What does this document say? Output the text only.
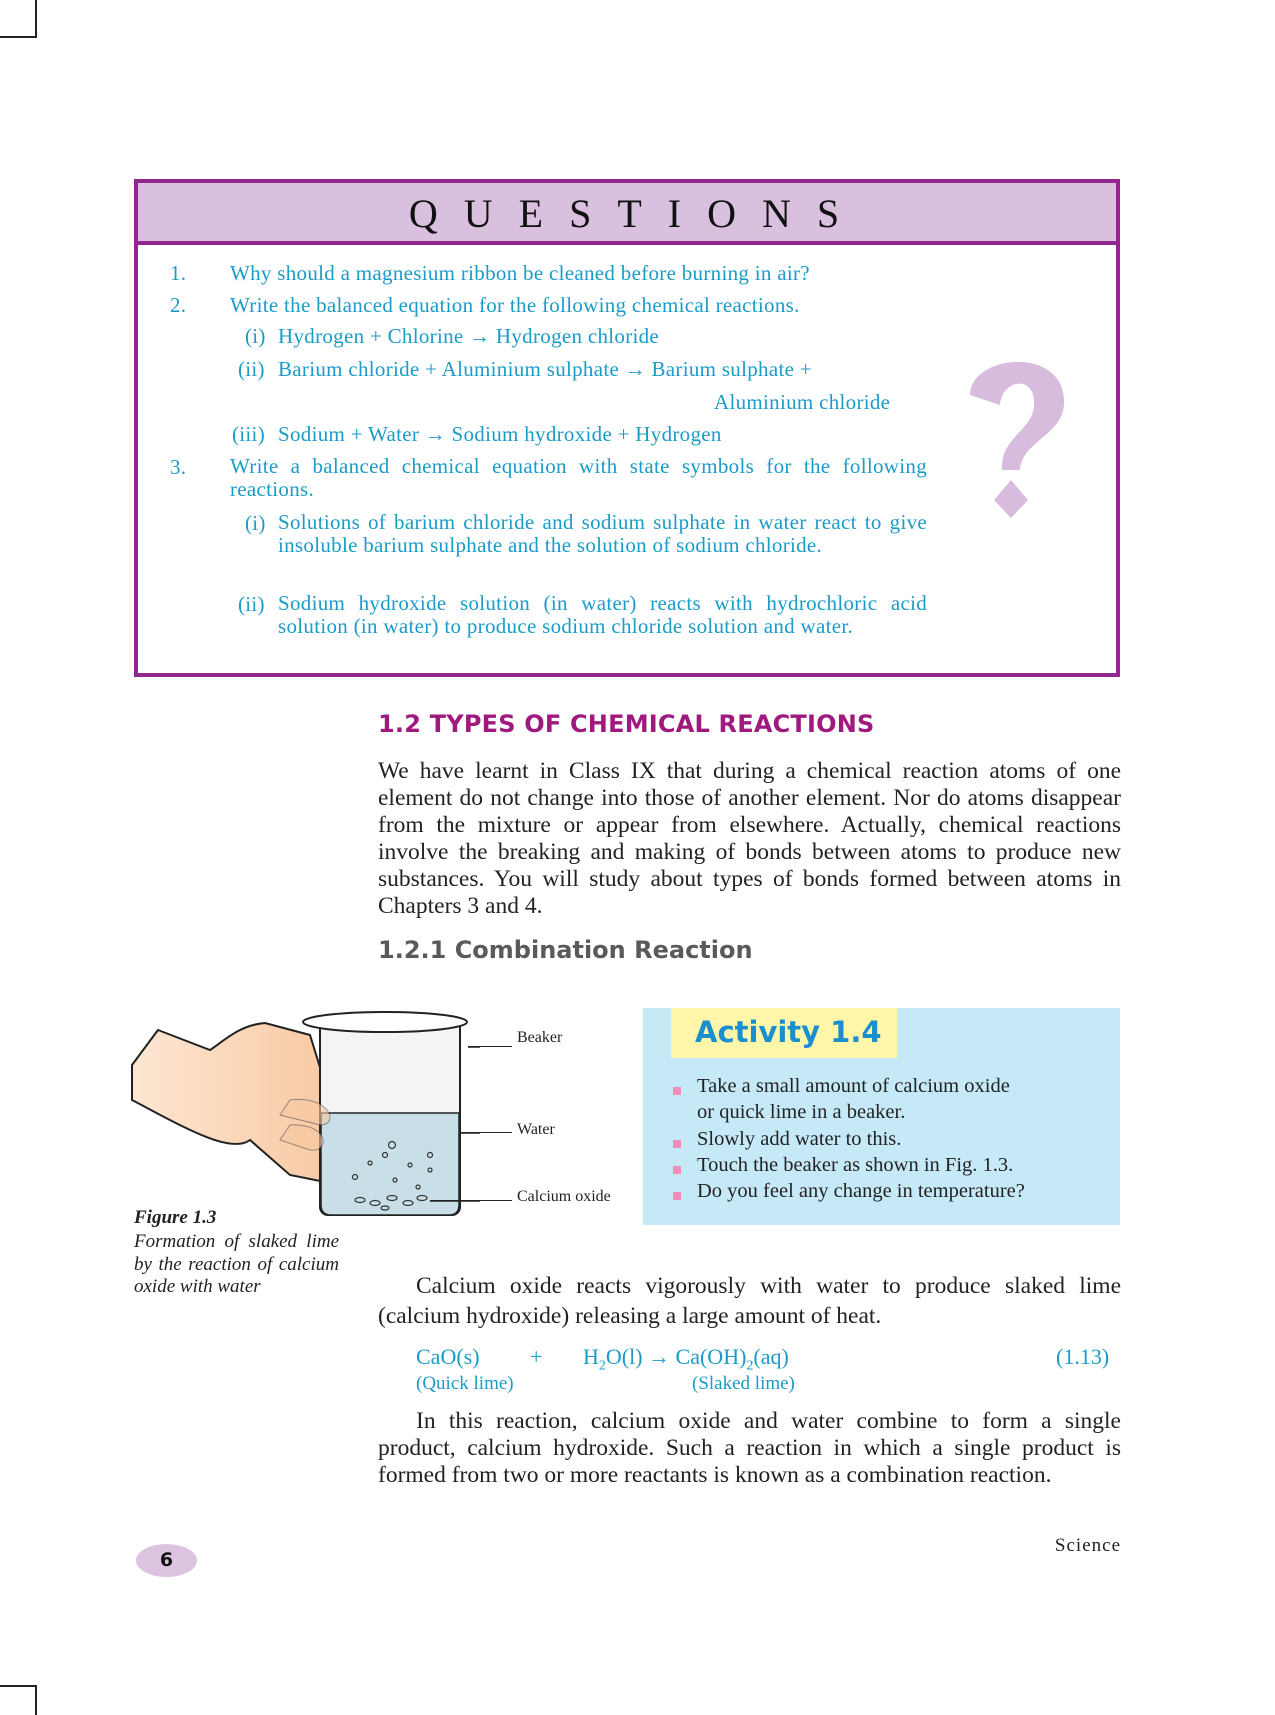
QUESTIONS
1. Why should a magnesium ribbon be cleaned before burning in air?
2. Write the balanced equation for the following chemical reactions.
(i) Hydrogen + Chlorine → Hydrogen chloride
(ii) Barium chloride + Aluminium sulphate → Barium sulphate +
Aluminium chloride
(iii) Sodium + Water → Sodium hydroxide + Hydrogen
3. Write a balanced chemical equation with state symbols for the following reactions.
(i) Solutions of barium chloride and sodium sulphate in water react to give insoluble barium sulphate and the solution of sodium chloride.
(ii) Sodium hydroxide solution (in water) reacts with hydrochloric acid solution (in water) to produce sodium chloride solution and water.
1.2 TYPES OF CHEMICAL REACTIONS
We have learnt in Class IX that during a chemical reaction atoms of one element do not change into those of another element. Nor do atoms disappear from the mixture or appear from elsewhere. Actually, chemical reactions involve the breaking and making of bonds between atoms to produce new substances. You will study about types of bonds formed between atoms in Chapters 3 and 4.
1.2.1 Combination Reaction
Beaker
Water
Calcium oxide
Figure 1.3
Formation of slaked lime by the reaction of calcium oxide with water
Activity 1.4
Take a small amount of calcium oxide
or quick lime in a beaker.
Slowly add water to this.
Touch the beaker as shown in Fig. 1.3.
Do you feel any change in temperature?
Calcium oxide reacts vigorously with water to produce slaked lime (calcium hydroxide) releasing a large amount of heat.
$CaO(s) + H_2O(l) \to Ca(OH)_2(aq)$	(1.13)
(Quick lime)	(Slaked lime)
In this reaction, calcium oxide and water combine to form a single product, calcium hydroxide. Such a reaction in which a single product is formed from two or more reactants is known as a combination reaction.
6
Science
